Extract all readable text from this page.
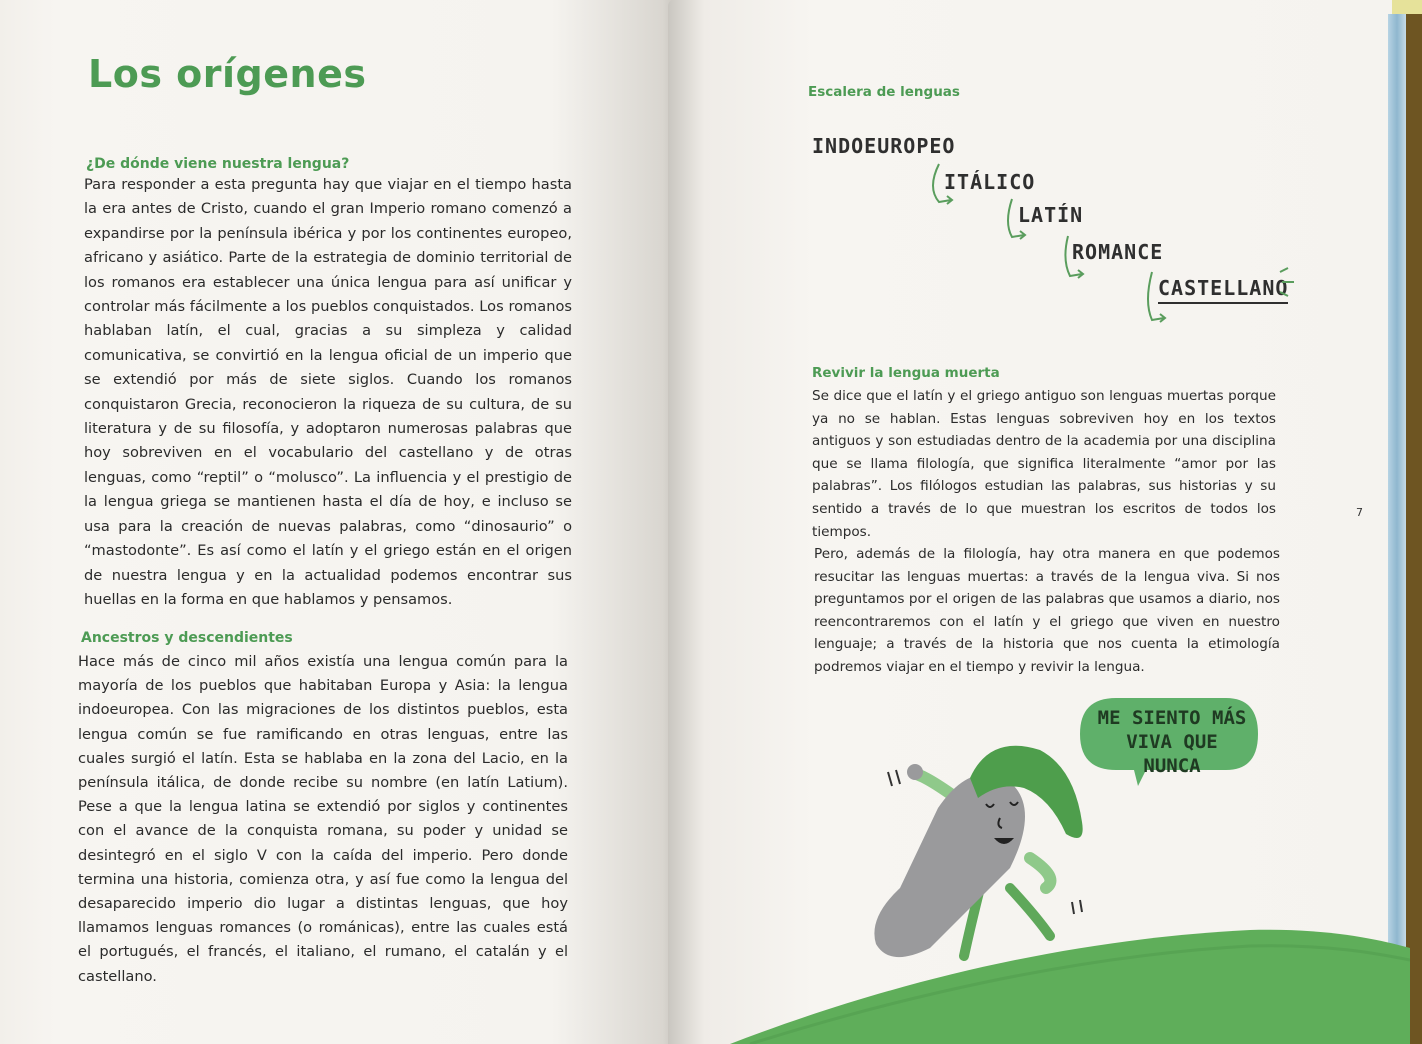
Los orígenes
¿De dónde viene nuestra lengua?

Para responder a esta pregunta hay que viajar en el tiempo hasta la era antes de Cristo, cuando el gran Imperio romano comenzó a expandirse por la península ibérica y por los continentes europeo, africano y asiático. Parte de la estrategia de dominio territorial de los romanos era establecer una única lengua para así unificar y controlar más fácilmente a los pueblos conquistados. Los romanos hablaban latín, el cual, gracias a su simpleza y calidad comunicativa, se convirtió en la lengua oficial de un imperio que se extendió por más de siete siglos. Cuando los romanos conquistaron Grecia, reconocieron la riqueza de su cultura, de su literatura y de su filosofía, y adoptaron numerosas palabras que hoy sobreviven en el vocabulario del castellano y de otras lenguas, como “reptil” o “molusco”. La influencia y el prestigio de la lengua griega se mantienen hasta el día de hoy, e incluso se usa para la creación de nuevas palabras, como “dinosaurio” o “mastodonte”. Es así como el latín y el griego están en el origen de nuestra lengua y en la actualidad podemos encontrar sus huellas en la forma en que hablamos y pensamos.

Ancestros y descendientes

Hace más de cinco mil años existía una lengua común para la mayoría de los pueblos que habitaban Europa y Asia: la lengua indoeuropea. Con las migraciones de los distintos pueblos, esta lengua común se fue ramificando en otras lenguas, entre las cuales surgió el latín. Esta se hablaba en la zona del Lacio, en la península itálica, de donde recibe su nombre (en latín Latium). Pese a que la lengua latina se extendió por siglos y continentes con el avance de la conquista romana, su poder y unidad se desintegró en el siglo V con la caída del imperio. Pero donde termina una historia, comienza otra, y así fue como la lengua del desaparecido imperio dio lugar a distintas lenguas, que hoy llamamos lenguas romances (o románicas), entre las cuales está el portugués, el francés, el italiano, el rumano, el catalán y el castellano.

Escalera de lenguas

INDOEUROPEO

ITÁLICO

LATÍN

ROMANCE

CASTELLANO

Revivir la lengua muerta

Se dice que el latín y el griego antiguo son lenguas muertas porque ya no se hablan. Estas lenguas sobreviven hoy en los textos antiguos y son estudiadas dentro de la academia por una disciplina que se llama filología, que significa literalmente “amor por las palabras”. Los filólogos estudian las palabras, sus historias y su sentido a través de lo que muestran los escritos de todos los tiempos.

Pero, además de la filología, hay otra manera en que podemos resucitar las lenguas muertas: a través de la lengua viva. Si nos preguntamos por el origen de las palabras que usamos a diario, nos reencontraremos con el latín y el griego que viven en nuestro lenguaje; a través de la historia que nos cuenta la etimología podremos viajar en el tiempo y revivir la lengua.

7

ME SIENTO MÁS VIVA QUE NUNCA
